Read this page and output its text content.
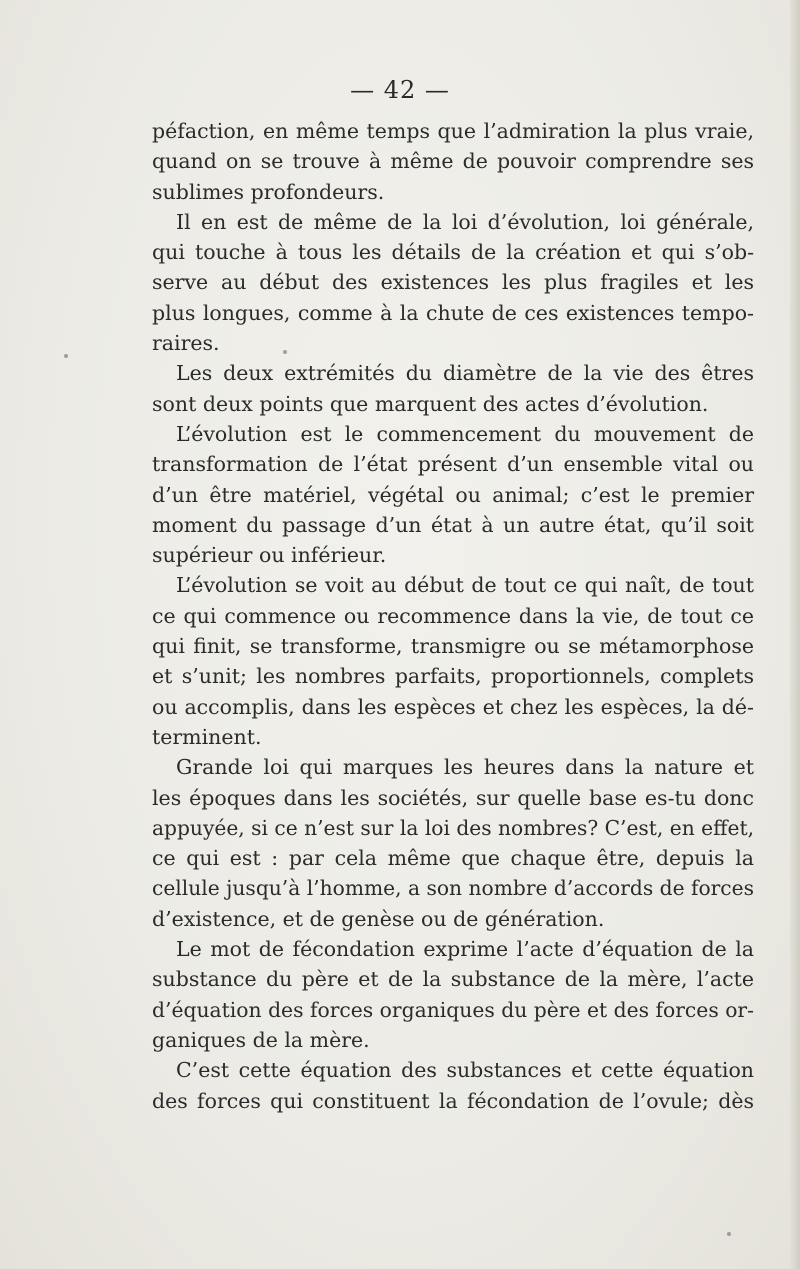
— 42 —
péfaction, en même temps que l’admiration la plus vraie,
quand on se trouve à même de pouvoir comprendre ses
sublimes profondeurs.
Il en est de même de la loi d’évolution, loi générale,
qui touche à tous les détails de la création et qui s’ob-
serve au début des existences les plus fragiles et les
plus longues, comme à la chute de ces existences tempo-
raires.
Les deux extrémités du diamètre de la vie des êtres
sont deux points que marquent des actes d’évolution.
L’évolution est le commencement du mouvement de
transformation de l’état présent d’un ensemble vital ou
d’un être matériel, végétal ou animal; c’est le premier
moment du passage d’un état à un autre état, qu’il soit
supérieur ou inférieur.
L’évolution se voit au début de tout ce qui naît, de tout
ce qui commence ou recommence dans la vie, de tout ce
qui finit, se transforme, transmigre ou se métamorphose
et s’unit; les nombres parfaits, proportionnels, complets
ou accomplis, dans les espèces et chez les espèces, la dé-
terminent.
Grande loi qui marques les heures dans la nature et
les époques dans les sociétés, sur quelle base es-tu donc
appuyée, si ce n’est sur la loi des nombres? C’est, en effet,
ce qui est : par cela même que chaque être, depuis la
cellule jusqu’à l’homme, a son nombre d’accords de forces
d’existence, et de genèse ou de génération.
Le mot de fécondation exprime l’acte d’équation de la
substance du père et de la substance de la mère, l’acte
d’équation des forces organiques du père et des forces or-
ganiques de la mère.
C’est cette équation des substances et cette équation
des forces qui constituent la fécondation de l’ovule; dès
